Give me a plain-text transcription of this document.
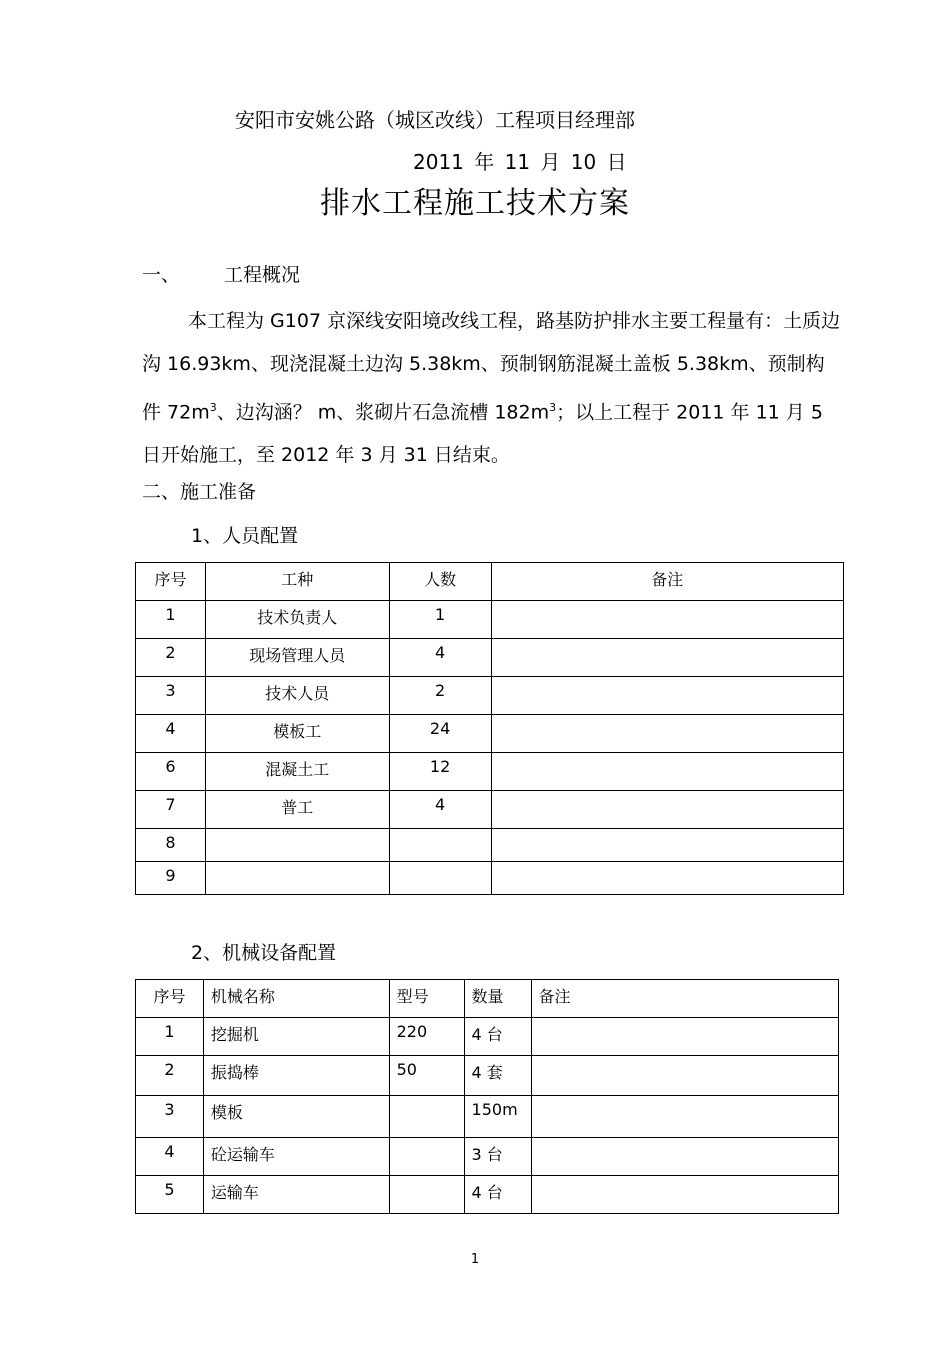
安阳市安姚公路（城区改线）工程项目经理部
2011 年 11 月 10 日
排水工程施工技术方案
一、 工程概况
本工程为 G107 京深线安阳境改线工程，路基防护排水主要工程量有：土质边沟 16.93km、现浇混凝土边沟 5.38km、预制钢筋混凝土盖板 5.38km、预制构件 $72m^3$、边沟涵？ m、浆砌片石急流槽 $182m^3$；以上工程于 2011 年 11 月 5 日开始施工，至 2012 年 3 月 31 日结束。
二、施工准备
1、人员配置
序号	工种	人数	备注

1	技术负责人	1	

2	现场管理人员	4	

3	技术人员	2	

4	模板工	24	

6	混凝土工	12	

7	普工	4	

8			

9			

2、机械设备配置
序号	机械名称	型号	数量	备注

1	挖掘机	220	4 台	

2	振捣棒	50	4 套	

3	模板		150m	

4	砼运输车		3 台	

5	运输车		4 台	

1
